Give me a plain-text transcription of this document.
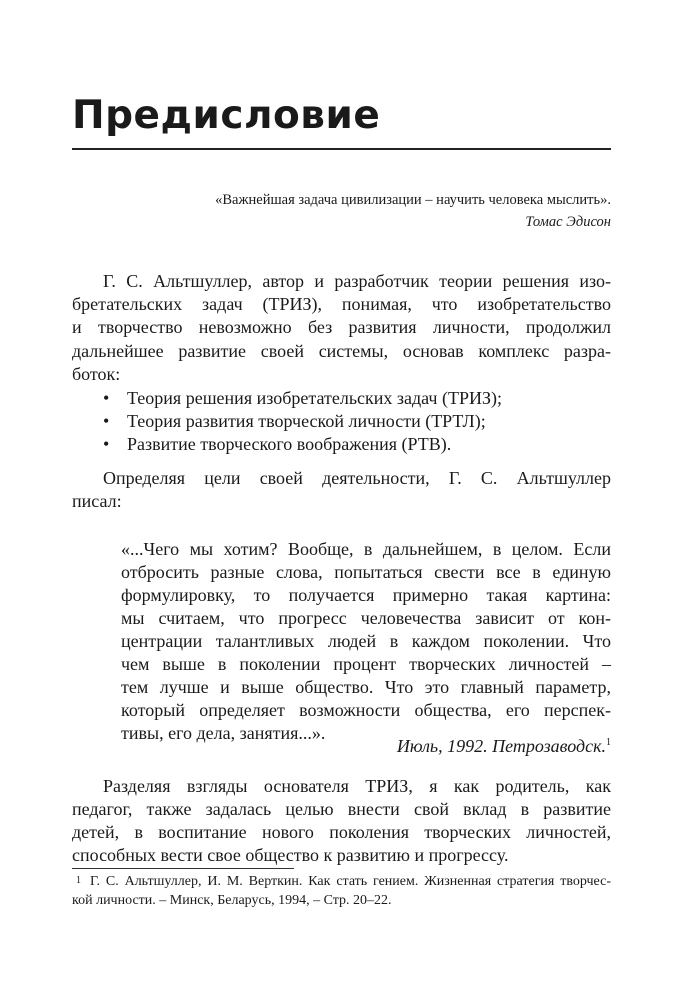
Предисловие
«Важнейшая задача цивилизации – научить человека мыслить».
Томас Эдисон
Г. С. Альтшуллер, автор и разработчик теории решения изо-
бретательских задач (ТРИЗ), понимая, что изобретательство
и творчество невозможно без развития личности, продолжил
дальнейшее развитие своей системы, основав комплекс разра-
боток:
• Теория решения изобретательских задач (ТРИЗ);
• Теория развития творческой личности (ТРТЛ);
• Развитие творческого воображения (РТВ).
Определяя цели своей деятельности, Г. С. Альтшуллер
писал:
«...Чего мы хотим? Вообще, в дальнейшем, в целом. Если
отбросить разные слова, попытаться свести все в единую
формулировку, то получается примерно такая картина:
мы считаем, что прогресс человечества зависит от кон-
центрации талантливых людей в каждом поколении. Что
чем выше в поколении процент творческих личностей –
тем лучше и выше общество. Что это главный параметр,
который определяет возможности общества, его перспек-
тивы, его дела, занятия...».
Июль, 1992. Петрозаводск.$^1$
Разделяя взгляды основателя ТРИЗ, я как родитель, как
педагог, также задалась целью внести свой вклад в развитие
детей, в воспитание нового поколения творческих личностей,
способных вести свое общество к развитию и прогрессу.
1 Г. С. Альтшуллер, И. М. Верткин. Как стать гением. Жизненная стратегия творчес-
кой личности. – Минск, Беларусь, 1994, – Стр. 20–22.
